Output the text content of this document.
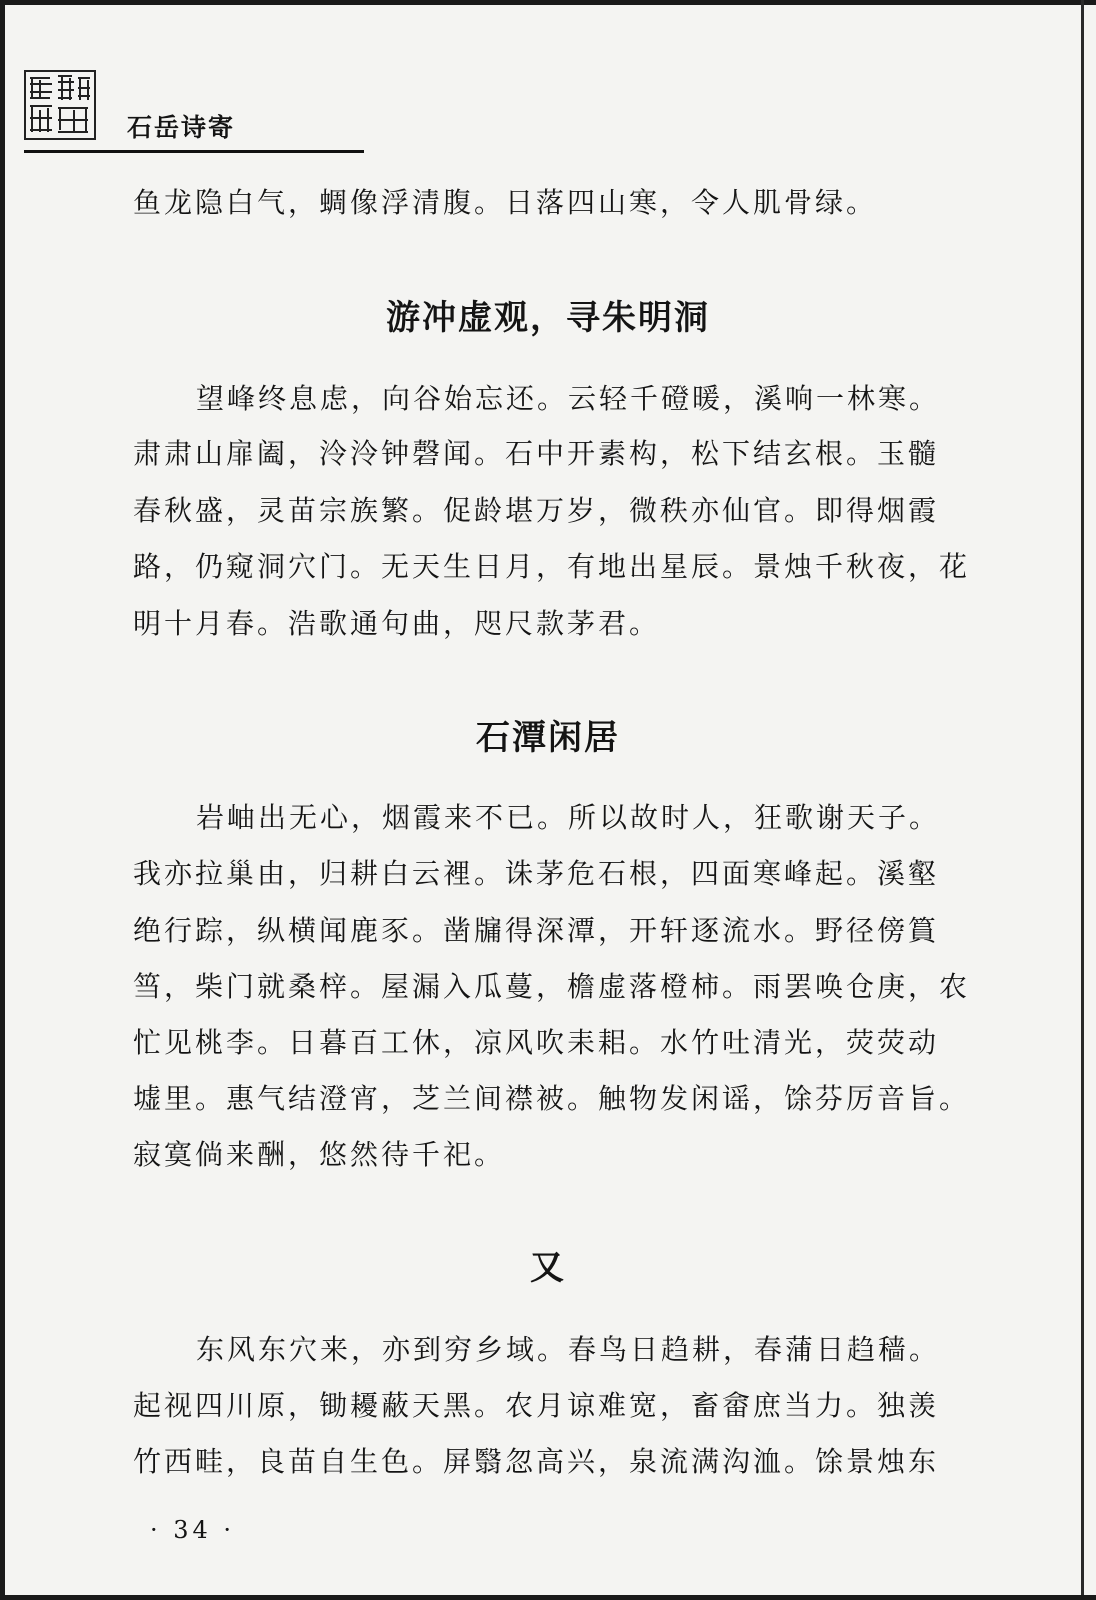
石岳诗寄
鱼龙隐白气，蜩像浮清腹。日落四山寒，令人肌骨绿。
游冲虚观，寻朱明洞
望峰终息虑，向谷始忘还。云轻千磴暖，溪响一林寒。
肃肃山扉阖，泠泠钟磬闻。石中开素构，松下结玄根。玉髓
春秋盛，灵苗宗族繁。促龄堪万岁，微秩亦仙官。即得烟霞
路，仍窥洞穴门。无天生日月，有地出星辰。景烛千秋夜，花
明十月春。浩歌通句曲，咫尺款茅君。
石潭闲居
岩岫出无心，烟霞来不已。所以故时人，狂歌谢天子。
我亦拉巢由，归耕白云裡。诛茅危石根，四面寒峰起。溪壑
绝行踪，纵横闻鹿豕。凿牖得深潭，开轩逐流水。野径傍篔
筜，柴门就桑梓。屋漏入瓜蔓，檐虚落橙柿。雨罢唤仓庚，农
忙见桃李。日暮百工休，凉风吹耒耜。水竹吐清光，荧荧动
墟里。惠气结澄宵，芝兰间襟被。触物发闲谣，馀芬厉音旨。
寂寞倘来酬，悠然待千祀。
又
东风东穴来，亦到穷乡域。春鸟日趋耕，春蒲日趋穑。
起视四川原，锄耰蔽天黑。农月谅难宽，畜畲庶当力。独羡
竹西畦，良苗自生色。屏翳忽高兴，泉流满沟洫。馀景烛东
· 34 ·
